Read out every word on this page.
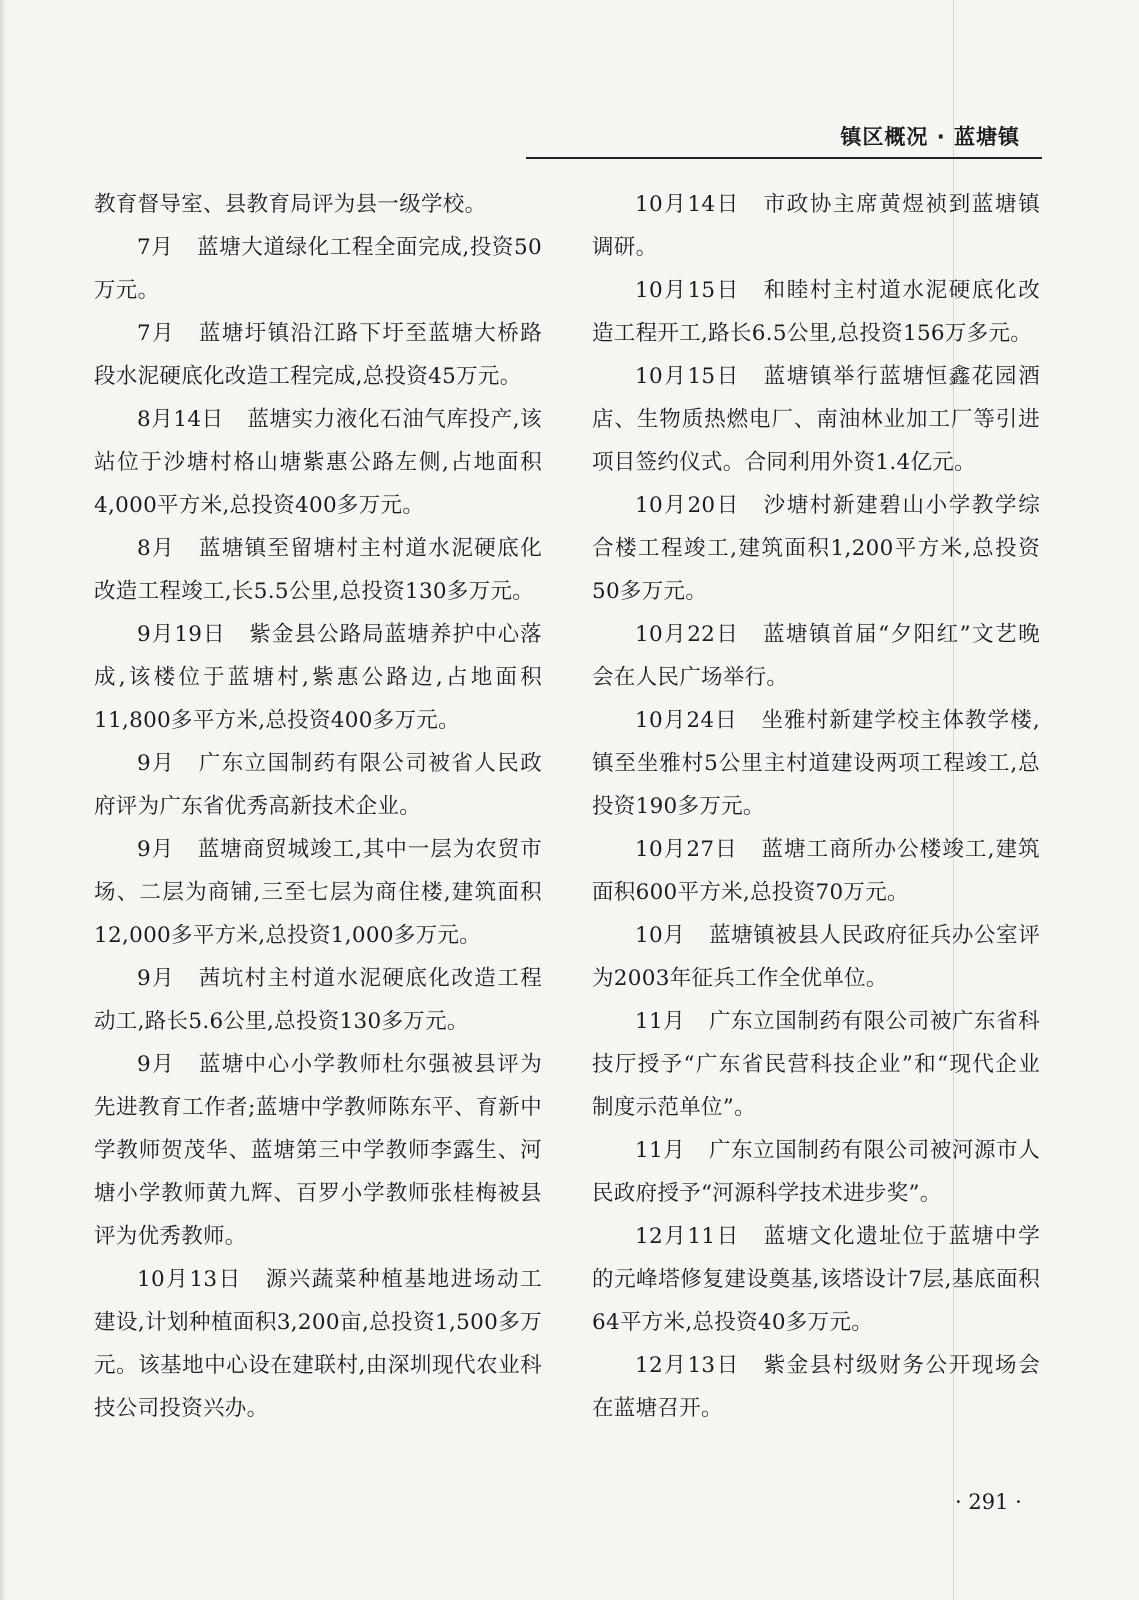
镇区概况 · 蓝塘镇

教育督导室、县教育局评为县一级学校。

7月 蓝塘大道绿化工程全面完成,投资50万元。

7月 蓝塘圩镇沿江路下圩至蓝塘大桥路段水泥硬底化改造工程完成,总投资45万元。

8月14日 蓝塘实力液化石油气库投产,该站位于沙塘村格山塘紫惠公路左侧,占地面积4,000平方米,总投资400多万元。

8月 蓝塘镇至留塘村主村道水泥硬底化改造工程竣工,长5.5公里,总投资130多万元。

9月19日 紫金县公路局蓝塘养护中心落成,该楼位于蓝塘村,紫惠公路边,占地面积11,800多平方米,总投资400多万元。

9月 广东立国制药有限公司被省人民政府评为广东省优秀高新技术企业。

9月 蓝塘商贸城竣工,其中一层为农贸市场、二层为商铺,三至七层为商住楼,建筑面积12,000多平方米,总投资1,000多万元。

9月 茜坑村主村道水泥硬底化改造工程动工,路长5.6公里,总投资130多万元。

9月 蓝塘中心小学教师杜尔强被县评为先进教育工作者;蓝塘中学教师陈东平、育新中学教师贺茂华、蓝塘第三中学教师李露生、河塘小学教师黄九辉、百罗小学教师张桂梅被县评为优秀教师。

10月13日 源兴蔬菜种植基地进场动工建设,计划种植面积3,200亩,总投资1,500多万元。该基地中心设在建联村,由深圳现代农业科技公司投资兴办。

10月14日 市政协主席黄煜祯到蓝塘镇调研。

10月15日 和睦村主村道水泥硬底化改造工程开工,路长6.5公里,总投资156万多元。

10月15日 蓝塘镇举行蓝塘恒鑫花园酒店、生物质热燃电厂、南油林业加工厂等引进项目签约仪式。合同利用外资1.4亿元。

10月20日 沙塘村新建碧山小学教学综合楼工程竣工,建筑面积1,200平方米,总投资50多万元。

10月22日 蓝塘镇首届“夕阳红”文艺晚会在人民广场举行。

10月24日 坐雅村新建学校主体教学楼,镇至坐雅村5公里主村道建设两项工程竣工,总投资190多万元。

10月27日 蓝塘工商所办公楼竣工,建筑面积600平方米,总投资70万元。

10月 蓝塘镇被县人民政府征兵办公室评为2003年征兵工作全优单位。

11月 广东立国制药有限公司被广东省科技厅授予“广东省民营科技企业”和“现代企业制度示范单位”。

11月 广东立国制药有限公司被河源市人民政府授予“河源科学技术进步奖”。

12月11日 蓝塘文化遗址位于蓝塘中学的元峰塔修复建设奠基,该塔设计7层,基底面积64平方米,总投资40多万元。

12月13日 紫金县村级财务公开现场会在蓝塘召开。

· 291 ·
